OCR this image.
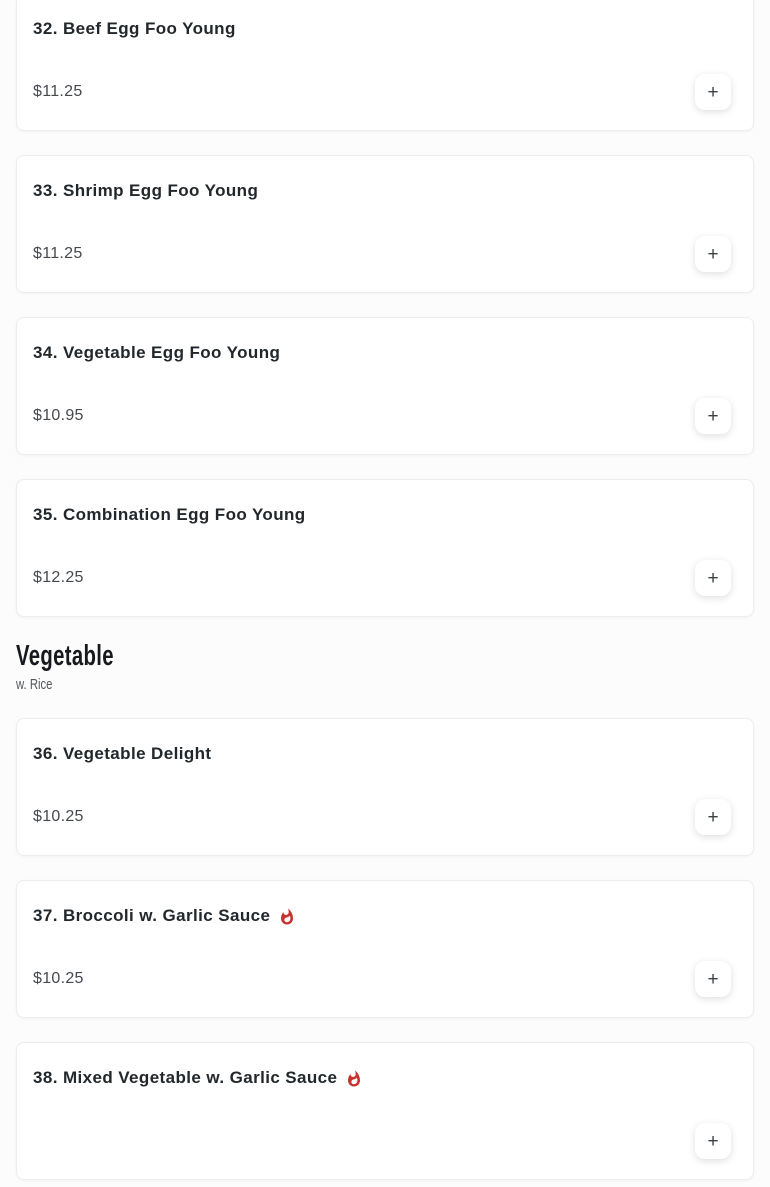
32. Beef Egg Foo Young
$11.25	+
33. Shrimp Egg Foo Young
$11.25	+
34. Vegetable Egg Foo Young
$10.95	+
35. Combination Egg Foo Young
$12.25	+
Vegetable
w. Rice
36. Vegetable Delight
$10.25	+
37. Broccoli w. Garlic Sauce
$10.25	+
38. Mixed Vegetable w. Garlic Sauce
+
